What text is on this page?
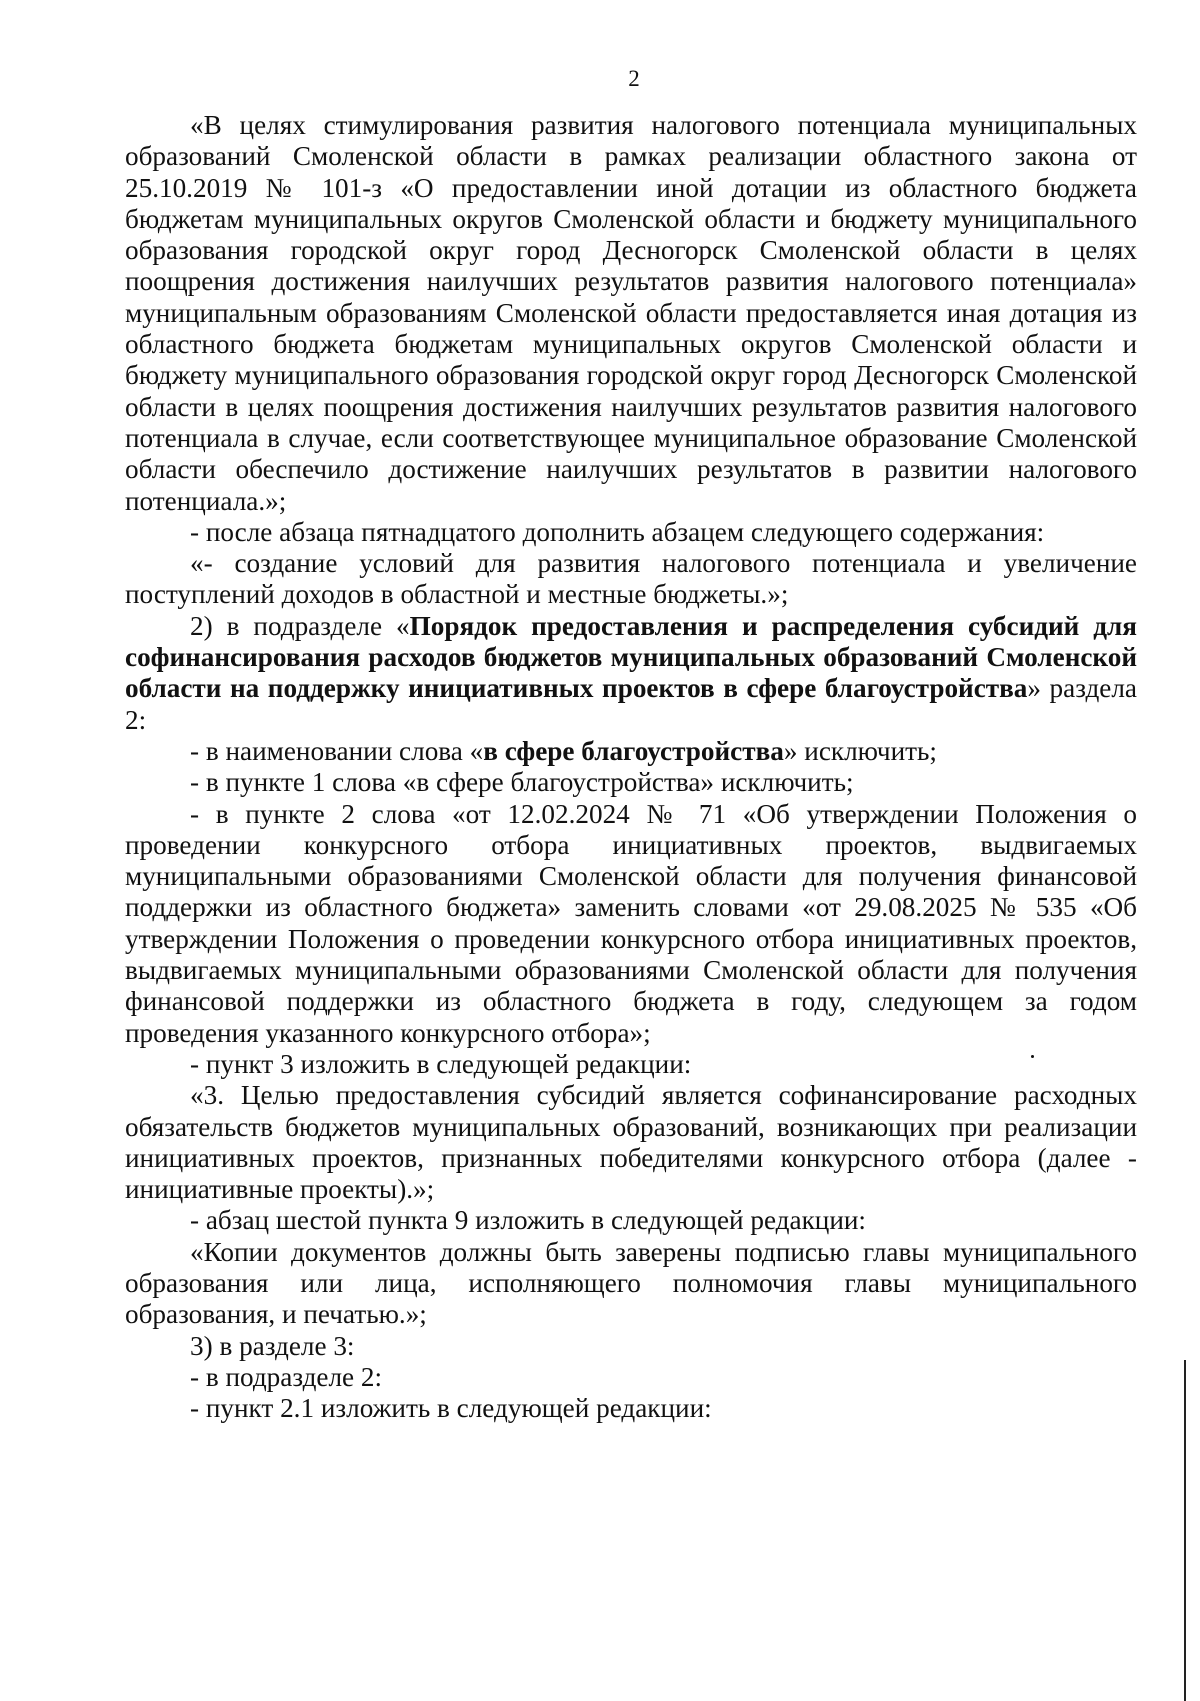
2

«В целях стимулирования развития налогового потенциала муниципальных образований Смоленской области в рамках реализации областного закона от 25.10.2019 № 101-з «О предоставлении иной дотации из областного бюджета бюджетам муниципальных округов Смоленской области и бюджету муниципального образования городской округ город Десногорск Смоленской области в целях поощрения достижения наилучших результатов развития налогового потенциала» муниципальным образованиям Смоленской области предоставляется иная дотация из областного бюджета бюджетам муниципальных округов Смоленской области и бюджету муниципального образования городской округ город Десногорск Смоленской области в целях поощрения достижения наилучших результатов развития налогового потенциала в случае, если соответствующее муниципальное образование Смоленской области обеспечило достижение наилучших результатов в развитии налогового потенциала.»;

- после абзаца пятнадцатого дополнить абзацем следующего содержания:

«- создание условий для развития налогового потенциала и увеличение поступлений доходов в областной и местные бюджеты.»;

2) в подразделе «Порядок предоставления и распределения субсидий для софинансирования расходов бюджетов муниципальных образований Смоленской области на поддержку инициативных проектов в сфере благоустройства» раздела 2:

- в наименовании слова «в сфере благоустройства» исключить;

- в пункте 1 слова «в сфере благоустройства» исключить;

- в пункте 2 слова «от 12.02.2024 № 71 «Об утверждении Положения о проведении конкурсного отбора инициативных проектов, выдвигаемых муниципальными образованиями Смоленской области для получения финансовой поддержки из областного бюджета» заменить словами «от 29.08.2025 № 535 «Об утверждении Положения о проведении конкурсного отбора инициативных проектов, выдвигаемых муниципальными образованиями Смоленской области для получения финансовой поддержки из областного бюджета в году, следующем за годом проведения указанного конкурсного отбора»;

- пункт 3 изложить в следующей редакции:

«3. Целью предоставления субсидий является софинансирование расходных обязательств бюджетов муниципальных образований, возникающих при реализации инициативных проектов, признанных победителями конкурсного отбора (далее - инициативные проекты).»;

- абзац шестой пункта 9 изложить в следующей редакции:

«Копии документов должны быть заверены подписью главы муниципального образования или лица, исполняющего полномочия главы муниципального образования, и печатью.»;

3) в разделе 3:

- в подразделе 2:

- пункт 2.1 изложить в следующей редакции:
